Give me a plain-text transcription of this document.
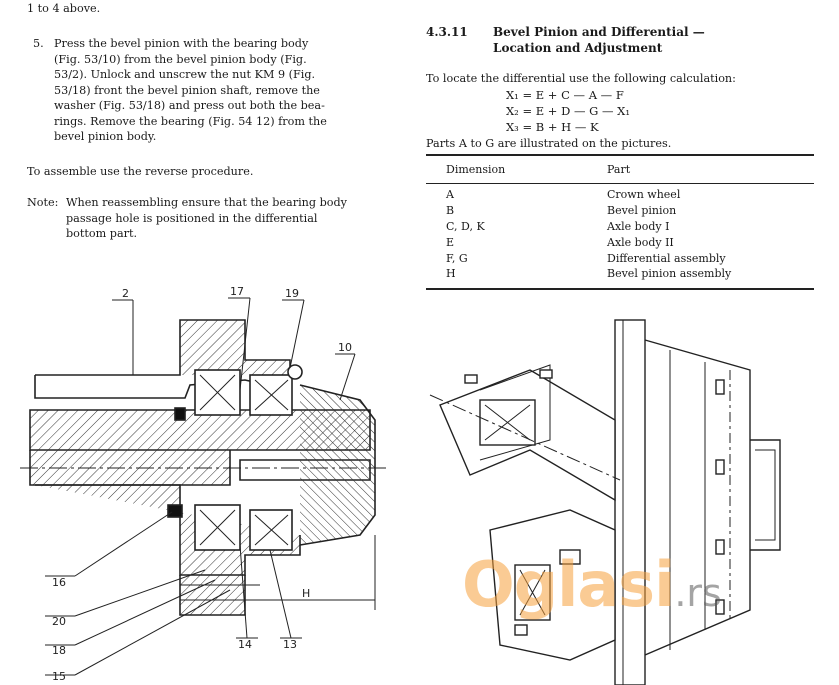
1 to 4 above.
5. Press the bevel pinion with the bearing body
(Fig. 53/10) from the bevel pinion body (Fig.
53/2). Unlock and unscrew the nut KM 9 (Fig.
53/18) front the bevel pinion shaft, remove the
washer (Fig. 53/18) and press out both the bea-
rings. Remove the bearing (Fig. 54 12) from the
bevel pinion body.
To assemble use the reverse procedure.
Note: When reassembling ensure that the bearing body
passage hole is positioned in the differential
bottom part.
4.3.11 Bevel Pinion and Differential —
Location and Adjustment
To locate the differential use the following calculation:
X₁ = E + C — A — F
X₂ = E + D — G — X₁
X₃ = B + H — K
Parts A to G are illustrated on the pictures.
Dimension	Part
A	Crown wheel
B	Bevel pinion
C, D, K	Axle body I
E	Axle body II
F, G	Differential assembly
H	Bevel pinion assembly
2	17	19
10
16
20
18
15
14	13
H Oglasi.rs
